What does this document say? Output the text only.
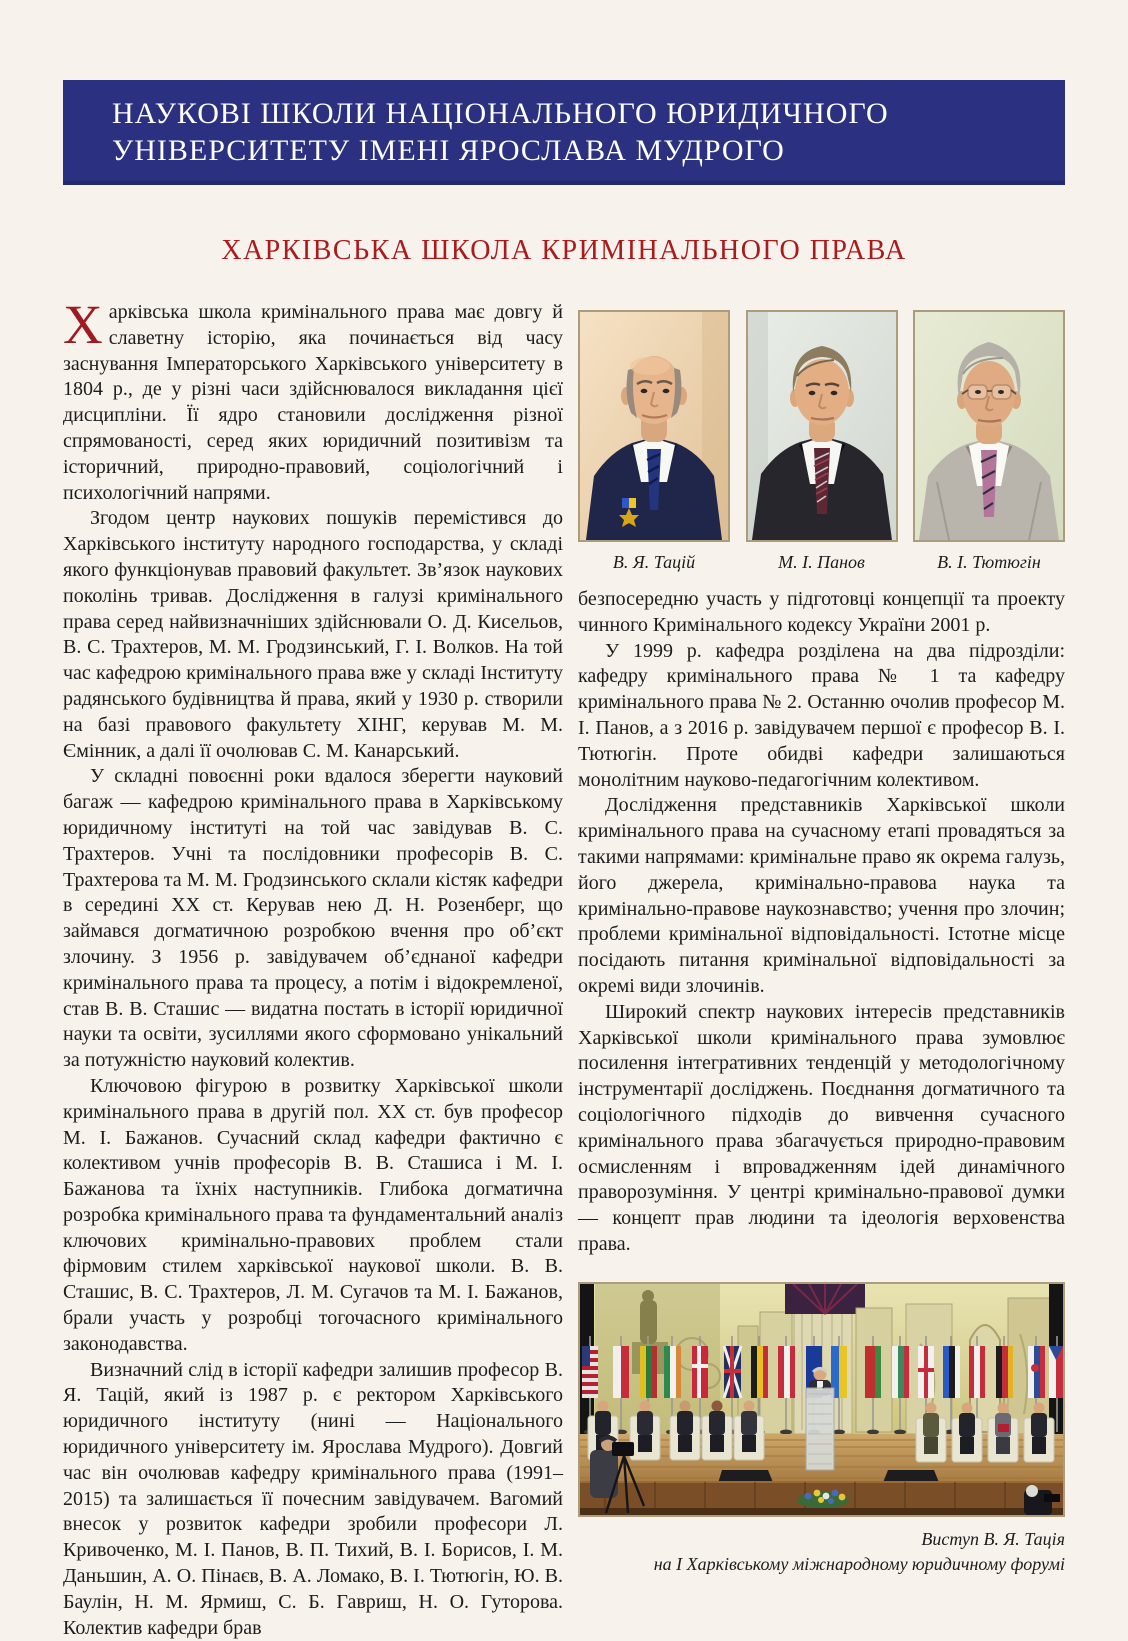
НАУКОВІ ШКОЛИ НАЦІОНАЛЬНОГО ЮРИДИЧНОГО
УНІВЕРСИТЕТУ ІМЕНІ ЯРОСЛАВА МУДРОГО
ХАРКІВСЬКА ШКОЛА КРИМІНАЛЬНОГО ПРАВА

Харківська школа кримінального права має довгу й славетну історію, яка починається від часу заснування Імператорського Харківського університету в 1804 р., де у різні часи здійснювалося викладання цієї дисципліни. Її ядро становили дослідження різної спрямованості, серед яких юридичний позитивізм та історичний, природно-правовий, соціологічний і психологічний напрями.

Згодом центр наукових пошуків перемістився до Харківського інституту народного господарства, у складі якого функціонував правовий факультет. Зв’язок наукових поколінь тривав. Дослідження в галузі кримінального права серед найвизначніших здійснювали О. Д. Кисельов, В. С. Трахтеров, М. М. Гродзинський, Г. І. Волков. На той час кафедрою кримінального права вже у складі Інституту радянського будівництва й права, який у 1930 р. створили на базі правового факультету ХІНГ, керував М. М. Ємінник, а далі її очолював С. М. Канарський.

У складні повоєнні роки вдалося зберегти науковий багаж — кафедрою кримінального права в Харківському юридичному інституті на той час завідував В. С. Трахтеров. Учні та послідовники професорів В. С. Трахтерова та М. М. Гродзинського склали кістяк кафедри в середині ХХ ст. Керував нею Д. Н. Розенберг, що займався догматичною розробкою вчення про об’єкт злочину. З 1956 р. завідувачем об’єднаної кафедри кримінального права та процесу, а потім і відокремленої, став В. В. Сташис — видатна постать в історії юридичної науки та освіти, зусиллями якого сформовано унікальний за потужністю науковий колектив.

Ключовою фігурою в розвитку Харківської школи кримінального права в другій пол. ХХ ст. був професор М. І. Бажанов. Сучасний склад кафедри фактично є колективом учнів професорів В. В. Сташиса і М. І. Бажанова та їхніх наступників. Глибока догматична розробка кримінального права та фундаментальний аналіз ключових кримінально-правових проблем стали фірмовим стилем харківської наукової школи. В. В. Сташис, В. С. Трахтеров, Л. М. Сугачов та М. І. Бажанов, брали участь у розробці тогочасного кримінального законодавства.

Визначний слід в історії кафедри залишив професор В. Я. Тацій, який із 1987 р. є ректором Харківського юридичного інституту (нині — Національного юридичного університету ім. Ярослава Мудрого). Довгий час він очолював кафедру кримінального права (1991–2015) та залишається її почесним завідувачем. Вагомий внесок у розвиток кафедри зробили професори Л. Кривоченко, М. І. Панов, В. П. Тихий, В. І. Борисов, І. М. Даньшин, А. О. Пінаєв, В. А. Ломако, В. І. Тютюгін, Ю. В. Баулін, Н. М. Ярмиш, С. Б. Гавриш, Н. О. Гуторова. Колектив кафедри брав

В. Я. Тацій	М. І. Панов	В. І. Тютюгін

безпосередню участь у підготовці концепції та проекту чинного Кримінального кодексу України 2001 р.

У 1999 р. кафедра розділена на два підрозділи: кафедру кримінального права № 1 та кафедру кримінального права № 2. Останню очолив професор М. І. Панов, а з 2016 р. завідувачем першої є професор В. І. Тютюгін. Проте обидві кафедри залишаються монолітним науково-педагогічним колективом.

Дослідження представників Харківської школи кримінального права на сучасному етапі провадяться за такими напрямами: кримінальне право як окрема галузь, його джерела, кримінально-правова наука та кримінально-правове наукознавство; учення про злочин; проблеми кримінальної відповідальності. Істотне місце посідають питання кримінальної відповідальності за окремі види злочинів.

Широкий спектр наукових інтересів представників Харківської школи кримінального права зумовлює посилення інтегративних тенденцій у методологічному інструментарії досліджень. Поєднання догматичного та соціологічного підходів до вивчення сучасного кримінального права збагачується природно-правовим осмисленням і впровадженням ідей динамічного праворозуміння. У центрі кримінально-правової думки — концепт прав людини та ідеологія верховенства права.

Виступ В. Я. Тація
на І Харківському міжнародному юридичному форумі
